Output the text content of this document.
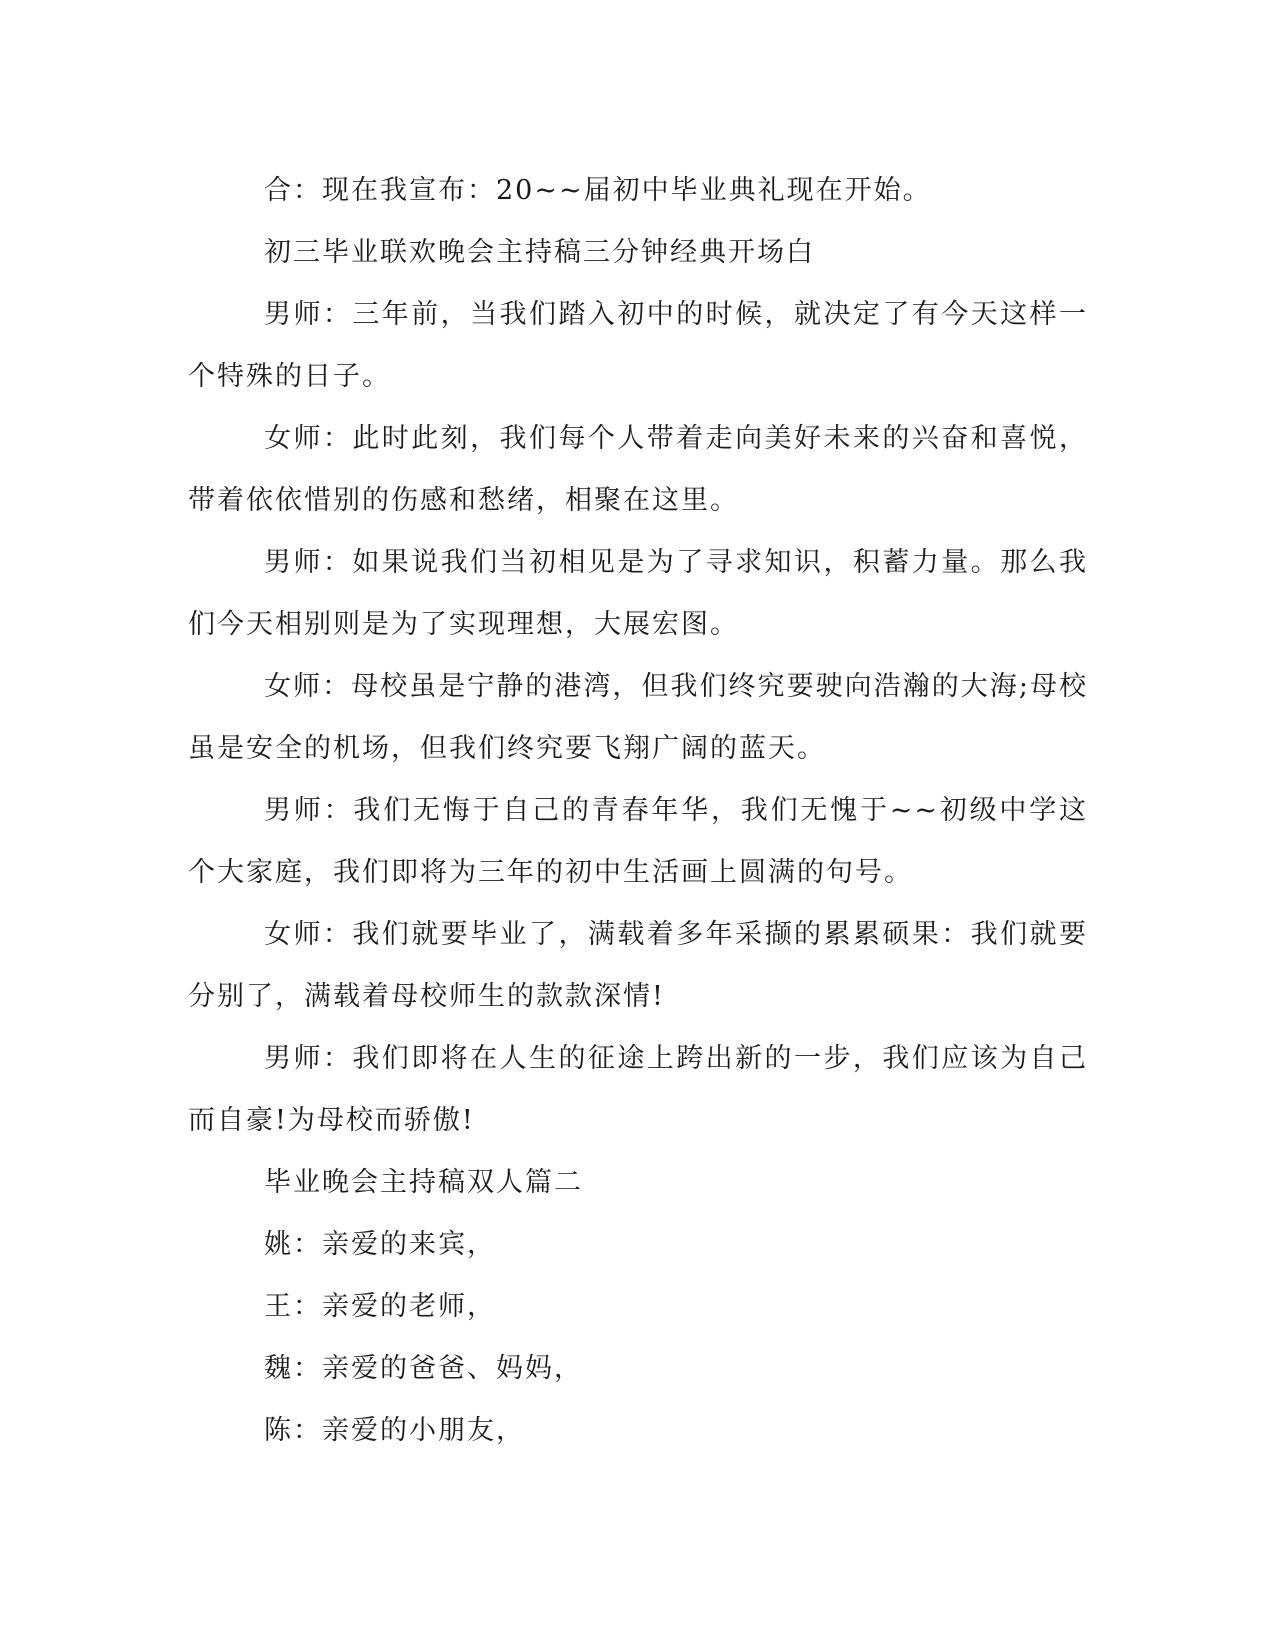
合：现在我宣布：20~~届初中毕业典礼现在开始。

初三毕业联欢晚会主持稿三分钟经典开场白

男师：三年前，当我们踏入初中的时候，就决定了有今天这样一个特殊的日子。

女师：此时此刻，我们每个人带着走向美好未来的兴奋和喜悦，带着依依惜别的伤感和愁绪，相聚在这里。

男师：如果说我们当初相见是为了寻求知识，积蓄力量。那么我们今天相别则是为了实现理想，大展宏图。

女师：母校虽是宁静的港湾，但我们终究要驶向浩瀚的大海;母校虽是安全的机场，但我们终究要飞翔广阔的蓝天。

男师：我们无悔于自己的青春年华，我们无愧于~~初级中学这个大家庭，我们即将为三年的初中生活画上圆满的句号。

女师：我们就要毕业了，满载着多年采撷的累累硕果：我们就要分别了，满载着母校师生的款款深情!

男师：我们即将在人生的征途上跨出新的一步，我们应该为自己而自豪!为母校而骄傲!

毕业晚会主持稿双人篇二

姚：亲爱的来宾，

王：亲爱的老师，

魏：亲爱的爸爸、妈妈，

陈：亲爱的小朋友，
